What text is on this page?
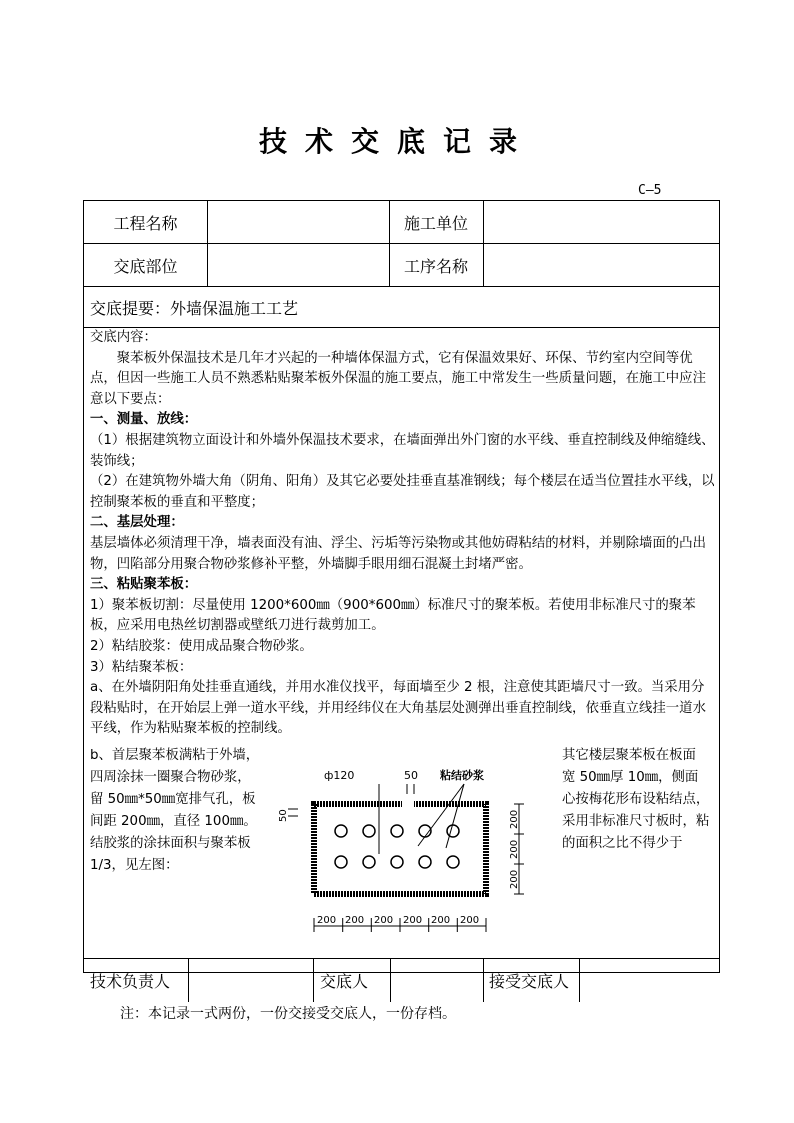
技术交底记录
C—5
工程名称	施工单位
交底部位	工序名称
交底提要：外墙保温施工工艺

交底内容：

聚苯板外保温技术是几年才兴起的一种墙体保温方式，它有保温效果好、环保、节约室内空间等优点，但因一些施工人员不熟悉粘贴聚苯板外保温的施工要点，施工中常发生一些质量问题，在施工中应注意以下要点：

一、测量、放线：

（1）根据建筑物立面设计和外墙外保温技术要求，在墙面弹出外门窗的水平线、垂直控制线及伸缩缝线、装饰线；

（2）在建筑物外墙大角（阴角、阳角）及其它必要处挂垂直基准钢线；每个楼层在适当位置挂水平线，以控制聚苯板的垂直和平整度；

二、基层处理：

基层墙体必须清理干净，墙表面没有油、浮尘、污垢等污染物或其他妨碍粘结的材料，并剔除墙面的凸出物，凹陷部分用聚合物砂浆修补平整，外墙脚手眼用细石混凝土封堵严密。

三、粘贴聚苯板：

1）聚苯板切割：尽量使用 1200*600㎜（900*600㎜）标准尺寸的聚苯板。若使用非标准尺寸的聚苯板，应采用电热丝切割器或壁纸刀进行裁剪加工。

2）粘结胶浆：使用成品聚合物砂浆。

3）粘结聚苯板：

a、在外墙阴阳角处挂垂直通线，并用水准仪找平，每面墙至少 2 根，注意使其距墙尺寸一致。当采用分段粘贴时，在开始层上弹一道水平线，并用经纬仪在大角基层处测弹出垂直控制线，依垂直立线挂一道水平线，作为粘贴聚苯板的控制线。

b、首层聚苯板满粘于外墙，
四周涂抹一圈聚合物砂浆，
留 50㎜*50㎜宽排气孔，板
间距 200㎜，直径 100㎜。
结胶浆的涂抹面积与聚苯板
1/3，见左图：
其它楼层聚苯板在板面
宽 50㎜厚 10㎜，侧面
心按梅花形布设粘结点，
采用非标准尺寸板时，粘
的面积之比不得少于
ф120	50 粘结砂浆
50	200
200
200
200 200 200 200 200 200
技术负责人	交底人	接受交底人
注：本记录一式两份，一份交接受交底人，一份存档。
